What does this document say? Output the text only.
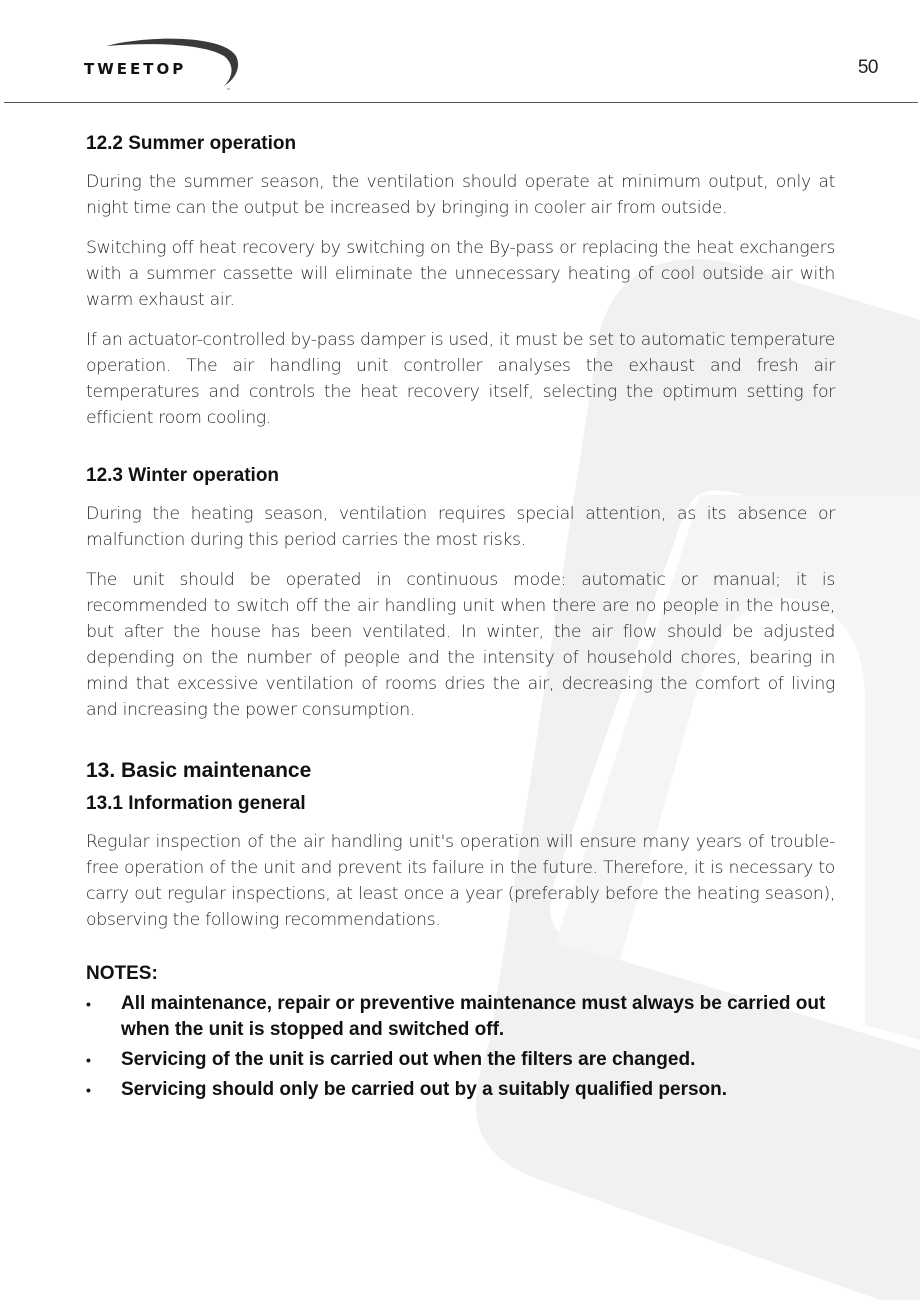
TWEETOP
™
50
12.2 Summer operation

During the summer season, the ventilation should operate at minimum output, only at night time can the output be increased by bringing in cooler air from outside.

Switching off heat recovery by switching on the By-pass or replacing the heat exchangers with a summer cassette will eliminate the unnecessary heating of cool outside air with warm exhaust air.

If an actuator-controlled by-pass damper is used, it must be set to automatic temperature operation. The air handling unit controller analyses the exhaust and fresh air temperatures and controls the heat recovery itself, selecting the optimum setting for efficient room cooling.

12.3 Winter operation

During the heating season, ventilation requires special attention, as its absence or malfunction during this period carries the most risks.

The unit should be operated in continuous mode: automatic or manual; it is recommended to switch off the air handling unit when there are no people in the house, but after the house has been ventilated. In winter, the air flow should be adjusted depending on the number of people and the intensity of household chores, bearing in mind that excessive ventilation of rooms dries the air, decreasing the comfort of living and increasing the power consumption.

13. Basic maintenance
13.1 Information general

Regular inspection of the air handling unit's operation will ensure many years of trouble-free operation of the unit and prevent its failure in the future. Therefore, it is necessary to carry out regular inspections, at least once a year (preferably before the heating season), observing the following recommendations.

NOTES:
• All maintenance, repair or preventive maintenance must always be carried out when the unit is stopped and switched off.
• Servicing of the unit is carried out when the filters are changed.
• Servicing should only be carried out by a suitably qualified person.
